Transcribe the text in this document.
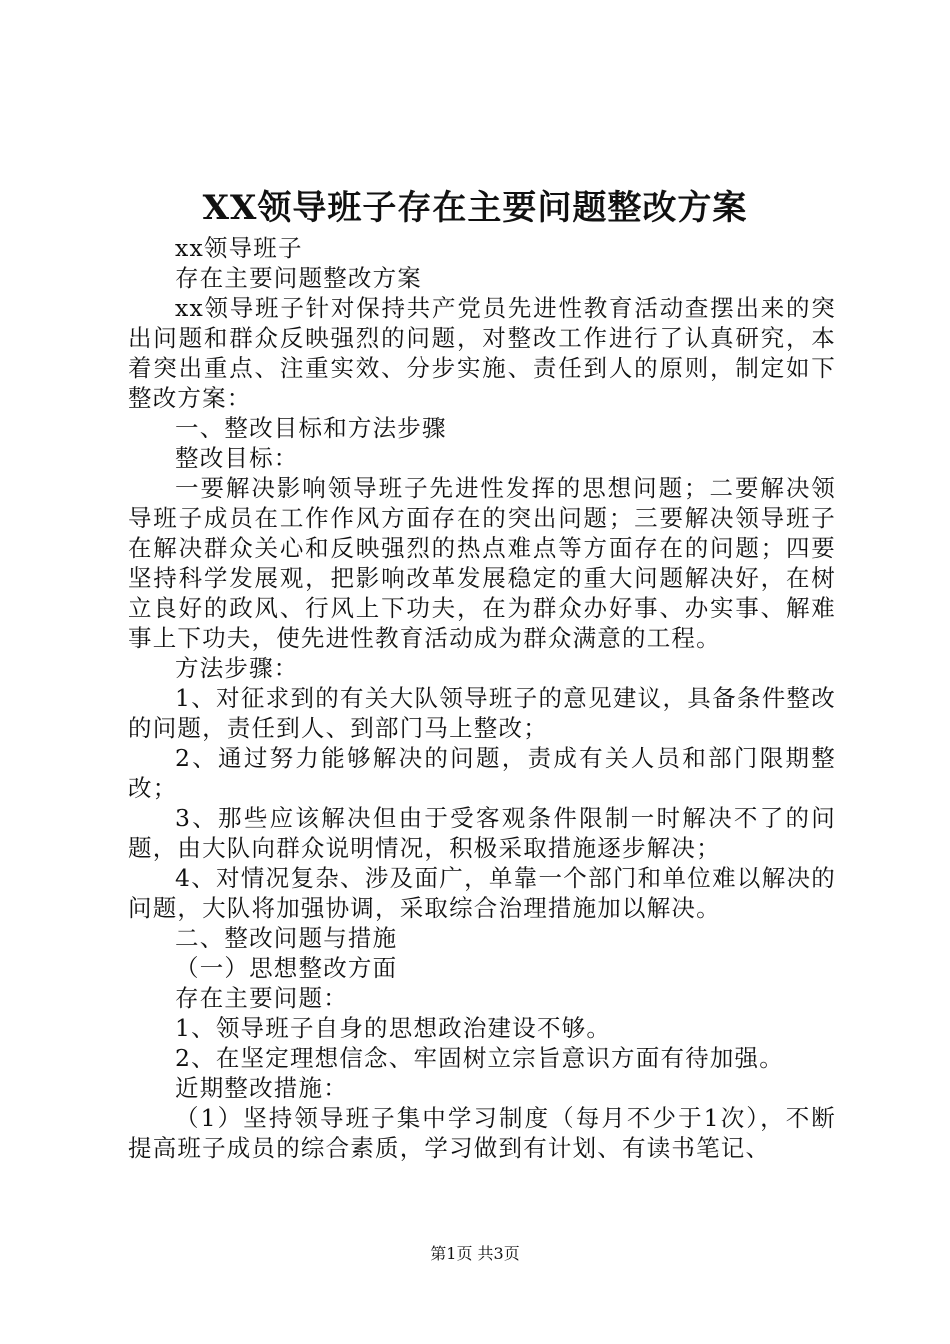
XX领导班子存在主要问题整改方案

xx领导班子

存在主要问题整改方案

xx领导班子针对保持共产党员先进性教育活动查摆出来的突出问题和群众反映强烈的问题，对整改工作进行了认真研究，本着突出重点、注重实效、分步实施、责任到人的原则，制定如下整改方案：

一、整改目标和方法步骤

整改目标：

一要解决影响领导班子先进性发挥的思想问题；二要解决领导班子成员在工作作风方面存在的突出问题；三要解决领导班子在解决群众关心和反映强烈的热点难点等方面存在的问题；四要坚持科学发展观，把影响改革发展稳定的重大问题解决好，在树立良好的政风、行风上下功夫，在为群众办好事、办实事、解难事上下功夫，使先进性教育活动成为群众满意的工程。

方法步骤：

1、对征求到的有关大队领导班子的意见建议，具备条件整改的问题，责任到人、到部门马上整改；

2、通过努力能够解决的问题，责成有关人员和部门限期整改；

3、那些应该解决但由于受客观条件限制一时解决不了的问题，由大队向群众说明情况，积极采取措施逐步解决；

4、对情况复杂、涉及面广，单靠一个部门和单位难以解决的问题，大队将加强协调，采取综合治理措施加以解决。

二、整改问题与措施

（一）思想整改方面

存在主要问题：

1、领导班子自身的思想政治建设不够。

2、在坚定理想信念、牢固树立宗旨意识方面有待加强。

近期整改措施：

（1）坚持领导班子集中学习制度（每月不少于1次），不断提高班子成员的综合素质，学习做到有计划、有读书笔记、

第1页 共3页
